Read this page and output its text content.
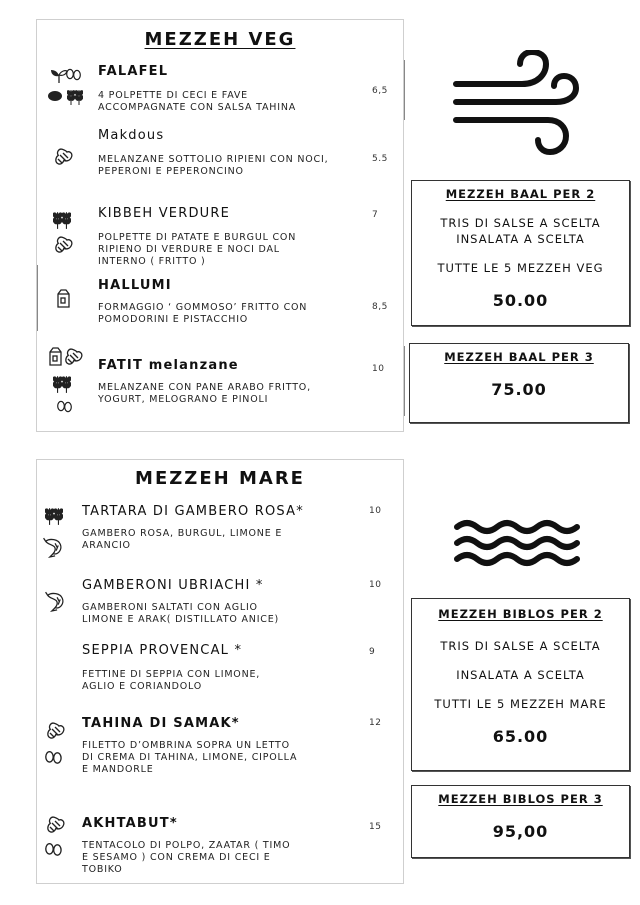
MEZZEH VEG
FALAFEL
4 POLPETTE DI CECI E FAVE
ACCOMPAGNATE CON SALSA TAHINA
6,5
Makdous
MELANZANE SOTTOLIO RIPIENI CON NOCI,
PEPERONI E PEPERONCINO
5.5
KIBBEH VERDURE
POLPETTE DI PATATE E BURGUL CON
RIPIENO DI VERDURE E NOCI DAL
INTERNO ( FRITTO )
7
HALLUMI
FORMAGGIO ‘ GOMMOSO’ FRITTO CON
POMODORINI E PISTACCHIO
8,5
FATIT melanzane
MELANZANE CON PANE ARABO FRITTO,
YOGURT, MELOGRANO E PINOLI
10
MEZZEH BAAL PER 2
TRIS DI SALSE A SCELTA
INSALATA A SCELTA
TUTTE LE 5 MEZZEH VEG
50.00
MEZZEH BAAL PER 3
75.00
MEZZEH MARE
TARTARA DI GAMBERO ROSA*
GAMBERO ROSA, BURGUL, LIMONE E
ARANCIO
10
GAMBERONI UBRIACHI *
GAMBERONI SALTATI CON AGLIO
LIMONE E ARAK( DISTILLATO ANICE)
10
SEPPIA PROVENCAL *
FETTINE DI SEPPIA CON LIMONE,
AGLIO E CORIANDOLO
9
TAHINA DI SAMAK*
FILETTO D’OMBRINA SOPRA UN LETTO
DI CREMA DI TAHINA, LIMONE, CIPOLLA
E MANDORLE
12
AKHTABUT*
TENTACOLO DI POLPO, ZAATAR ( TIMO
E SESAMO ) CON CREMA DI CECI E
TOBIKO
15
MEZZEH BIBLOS PER 2
TRIS DI SALSE A SCELTA
INSALATA A SCELTA
TUTTI LE 5 MEZZEH MARE
65.00
MEZZEH BIBLOS PER 3
95,00
